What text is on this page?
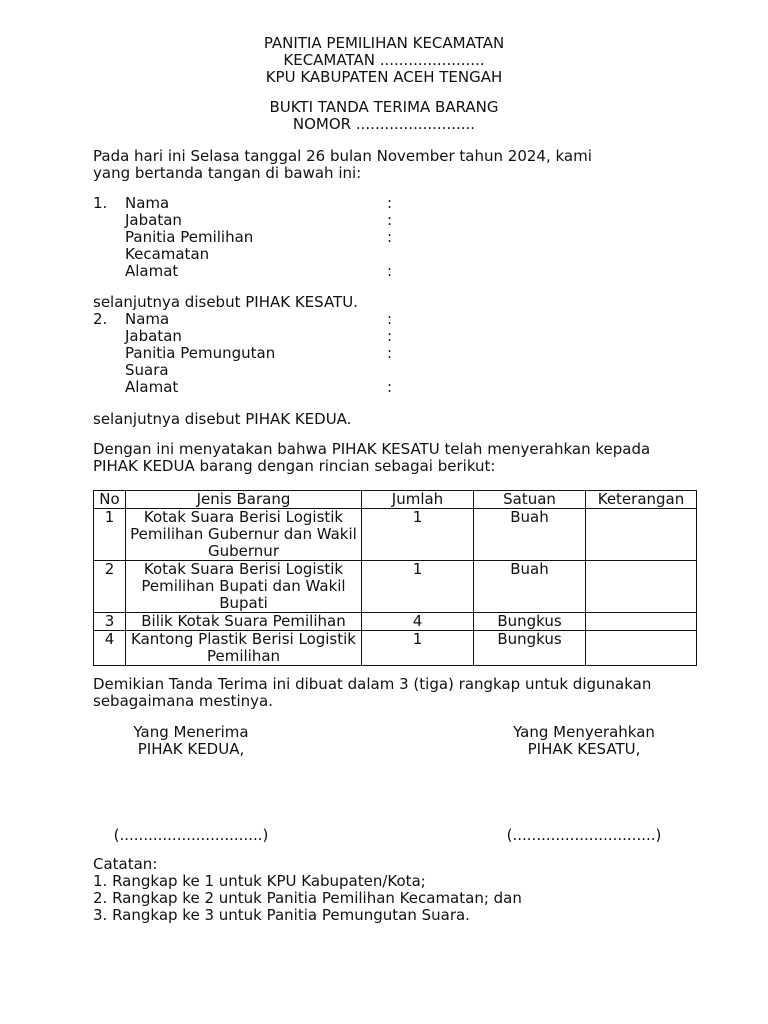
PANITIA PEMILIHAN KECAMATAN
KECAMATAN ......................
KPU KABUPATEN ACEH TENGAH
BUKTI TANDA TERIMA BARANG
NOMOR .........................
Pada hari ini Selasa tanggal 26 bulan November tahun 2024, kami
yang bertanda tangan di bawah ini:
1. Nama	:
Jabatan	:
Panitia Pemilihan	:
Kecamatan
Alamat	:
selanjutnya disebut PIHAK KESATU.
2. Nama	:
Jabatan	:
Panitia Pemungutan	:
Suara
Alamat	:
selanjutnya disebut PIHAK KEDUA.
Dengan ini menyatakan bahwa PIHAK KESATU telah menyerahkan kepada
PIHAK KEDUA barang dengan rincian sebagai berikut:
No	Jenis Barang	Jumlah	Satuan	Keterangan
1	Kotak Suara Berisi Logistik
Pemilihan Gubernur dan Wakil
Gubernur	1	Buah	
2	Kotak Suara Berisi Logistik
Pemilihan Bupati dan Wakil
Bupati	1	Buah	
3	Bilik Kotak Suara Pemilihan	4	Bungkus	
4	Kantong Plastik Berisi Logistik
Pemilihan	1	Bungkus	
Demikian Tanda Terima ini dibuat dalam 3 (tiga) rangkap untuk digunakan
sebagaimana mestinya.
Yang Menerima
PIHAK KEDUA,
(..............................)
Yang Menyerahkan
PIHAK KESATU,
(..............................)
Catatan:
1. Rangkap ke 1 untuk KPU Kabupaten/Kota;
2. Rangkap ke 2 untuk Panitia Pemilihan Kecamatan; dan
3. Rangkap ke 3 untuk Panitia Pemungutan Suara.
